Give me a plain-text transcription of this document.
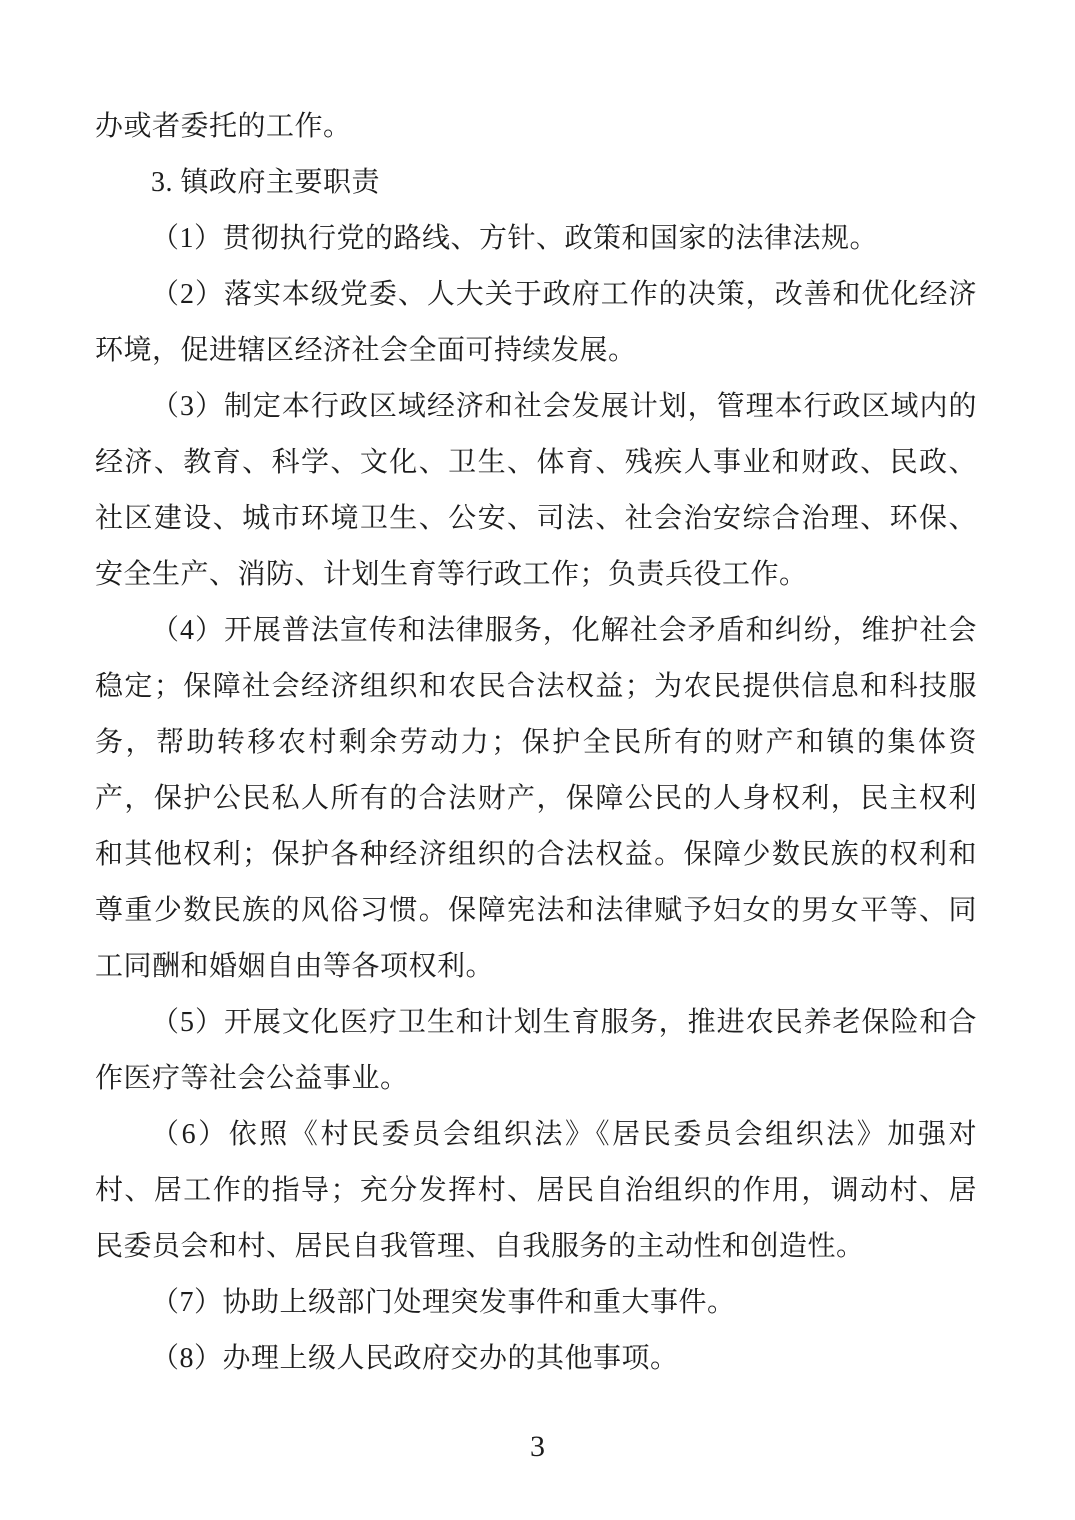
办或者委托的工作。

3. 镇政府主要职责

（1）贯彻执行党的路线、方针、政策和国家的法律法规。

（2）落实本级党委、人大关于政府工作的决策，改善和优化经济环境，促进辖区经济社会全面可持续发展。

（3）制定本行政区域经济和社会发展计划，管理本行政区域内的经济、教育、科学、文化、卫生、体育、残疾人事业和财政、民政、社区建设、城市环境卫生、公安、司法、社会治安综合治理、环保、安全生产、消防、计划生育等行政工作；负责兵役工作。

（4）开展普法宣传和法律服务，化解社会矛盾和纠纷，维护社会稳定；保障社会经济组织和农民合法权益；为农民提供信息和科技服务，帮助转移农村剩余劳动力；保护全民所有的财产和镇的集体资产，保护公民私人所有的合法财产，保障公民的人身权利，民主权利和其他权利；保护各种经济组织的合法权益。保障少数民族的权利和尊重少数民族的风俗习惯。保障宪法和法律赋予妇女的男女平等、同工同酬和婚姻自由等各项权利。

（5）开展文化医疗卫生和计划生育服务，推进农民养老保险和合作医疗等社会公益事业。

（6）依照《村民委员会组织法》《居民委员会组织法》加强对村、居工作的指导；充分发挥村、居民自治组织的作用，调动村、居民委员会和村、居民自我管理、自我服务的主动性和创造性。

（7）协助上级部门处理突发事件和重大事件。

（8）办理上级人民政府交办的其他事项。

3
